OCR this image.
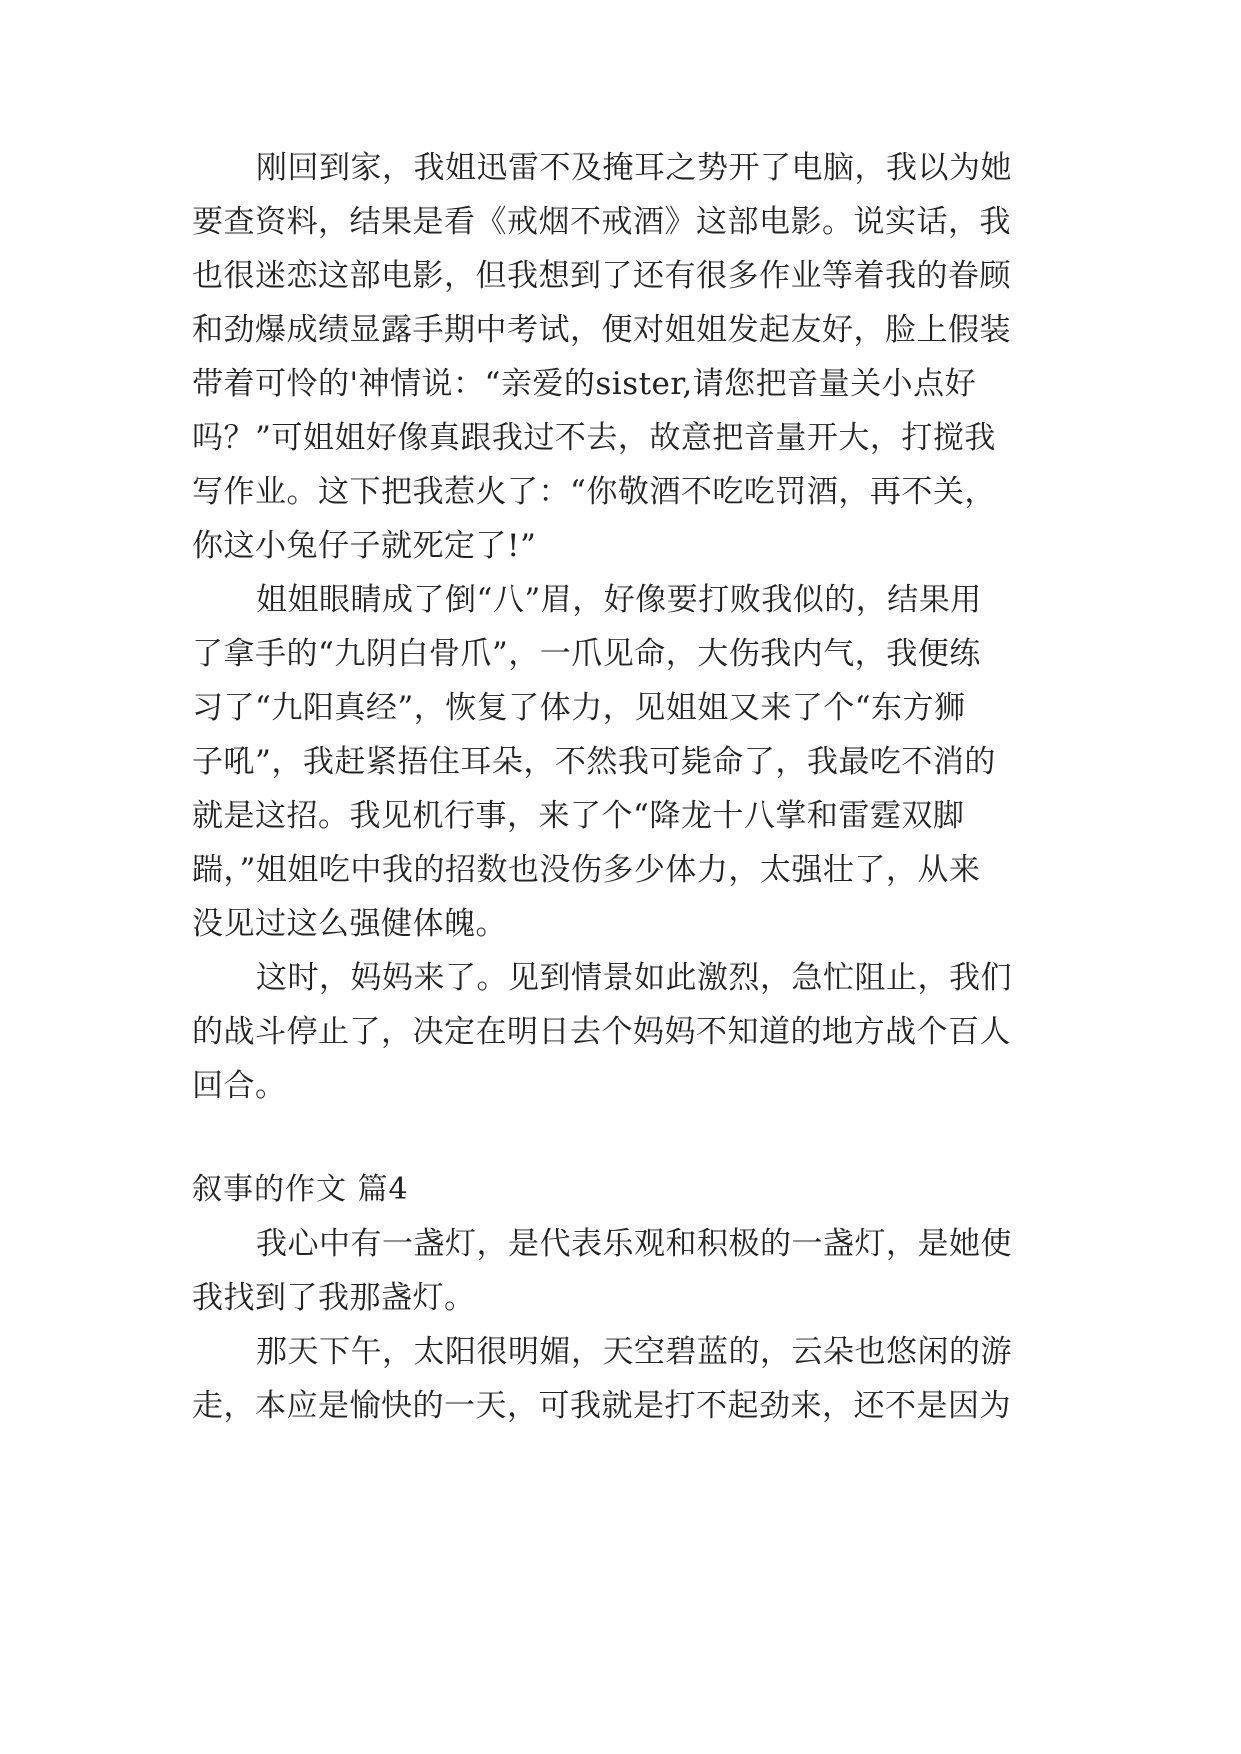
刚回到家，我姐迅雷不及掩耳之势开了电脑，我以为她
要查资料，结果是看《戒烟不戒酒》这部电影。说实话，我
也很迷恋这部电影，但我想到了还有很多作业等着我的眷顾
和劲爆成绩显露手期中考试，便对姐姐发起友好，脸上假装
带着可怜的'神情说：“亲爱的sister,请您把音量关小点好
吗？”可姐姐好像真跟我过不去，故意把音量开大，打搅我
写作业。这下把我惹火了：“你敬酒不吃吃罚酒，再不关，
你这小兔仔子就死定了!”
姐姐眼睛成了倒“八”眉，好像要打败我似的，结果用
了拿手的“九阴白骨爪”，一爪见命，大伤我内气，我便练
习了“九阳真经”，恢复了体力，见姐姐又来了个“东方狮
子吼”，我赶紧捂住耳朵，不然我可毙命了，我最吃不消的
就是这招。我见机行事，来了个“降龙十八掌和雷霆双脚
踹，”姐姐吃中我的招数也没伤多少体力，太强壮了，从来
没见过这么强健体魄。
这时，妈妈来了。见到情景如此激烈，急忙阻止，我们
的战斗停止了，决定在明日去个妈妈不知道的地方战个百人
回合。
叙事的作文 篇4
我心中有一盏灯，是代表乐观和积极的一盏灯，是她使
我找到了我那盏灯。
那天下午，太阳很明媚，天空碧蓝的，云朵也悠闲的游
走，本应是愉快的一天，可我就是打不起劲来，还不是因为
